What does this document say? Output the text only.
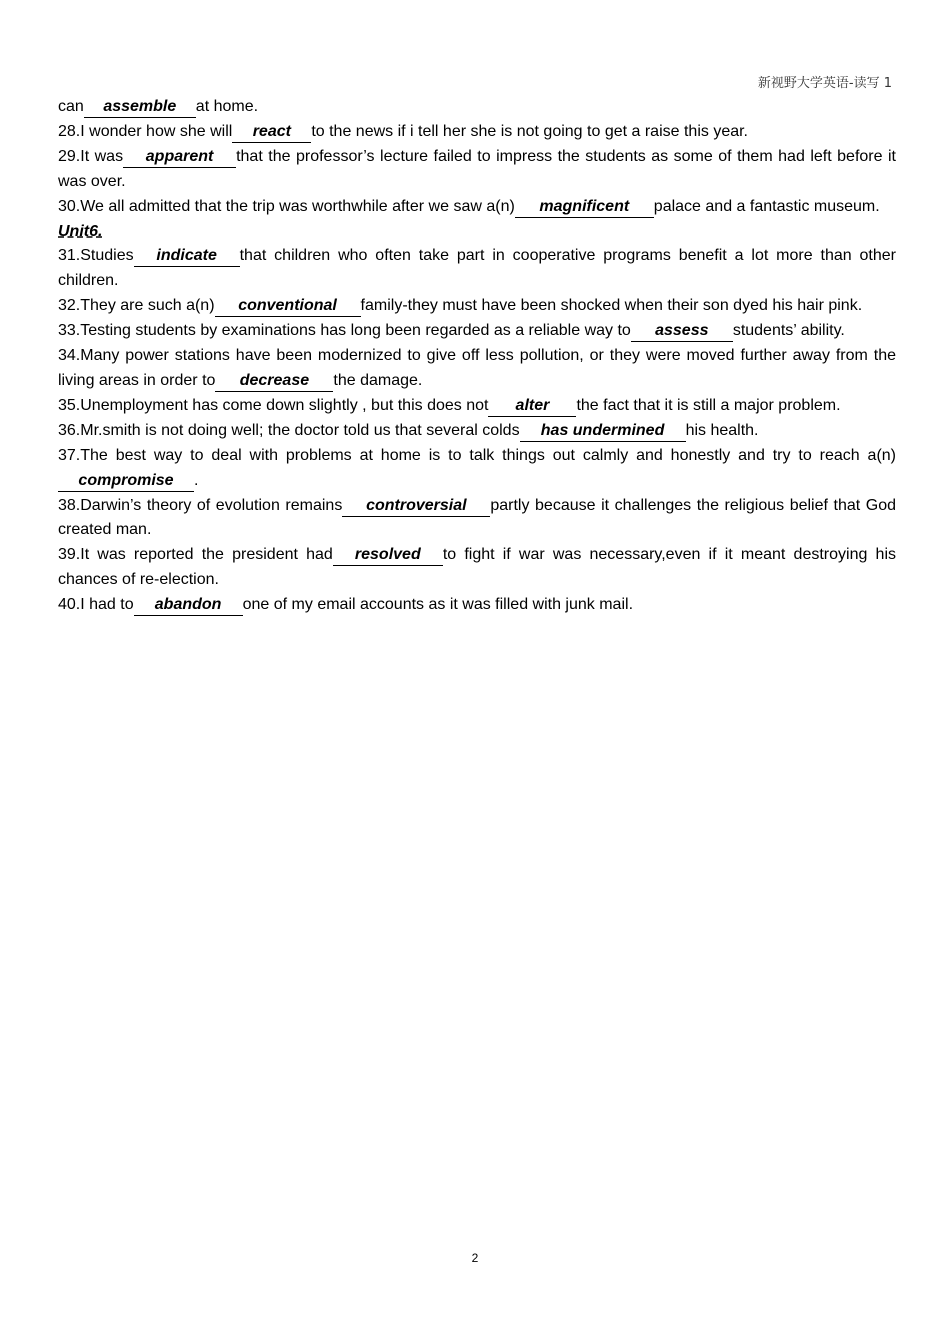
新视野大学英语-读写 1

can assemble at home.

28.I wonder how she will react to the news if i tell her she is not going to get a raise this year.

29.It was apparent that the professor’s lecture failed to impress the students as some of them had left before it was over.

30.We all admitted that the trip was worthwhile after we saw a(n) magnificent palace and a fantastic museum.

Unit6.

31.Studies indicate that children who often take part in cooperative programs benefit a lot more than other children.

32.They are such a(n) conventional family-they must have been shocked when their son dyed his hair pink.

33.Testing students by examinations has long been regarded as a reliable way to assess students’ ability.

34.Many power stations have been modernized to give off less pollution, or they were moved further away from the living areas in order to decrease the damage.

35.Unemployment has come down slightly , but this does not alter the fact that it is still a major problem.

36.Mr.smith is not doing well; the doctor told us that several colds has undermined his health.

37.The best way to deal with problems at home is to talk things out calmly and honestly and try to reach a(n)compromise .

38.Darwin’s theory of evolution remains controversial partly because it challenges the religious belief that God created man.

39.It was reported the president had resolved to fight if war was necessary,even if it meant destroying his chances of re-election.

40.I had to abandon one of my email accounts as it was filled with junk mail.

2
